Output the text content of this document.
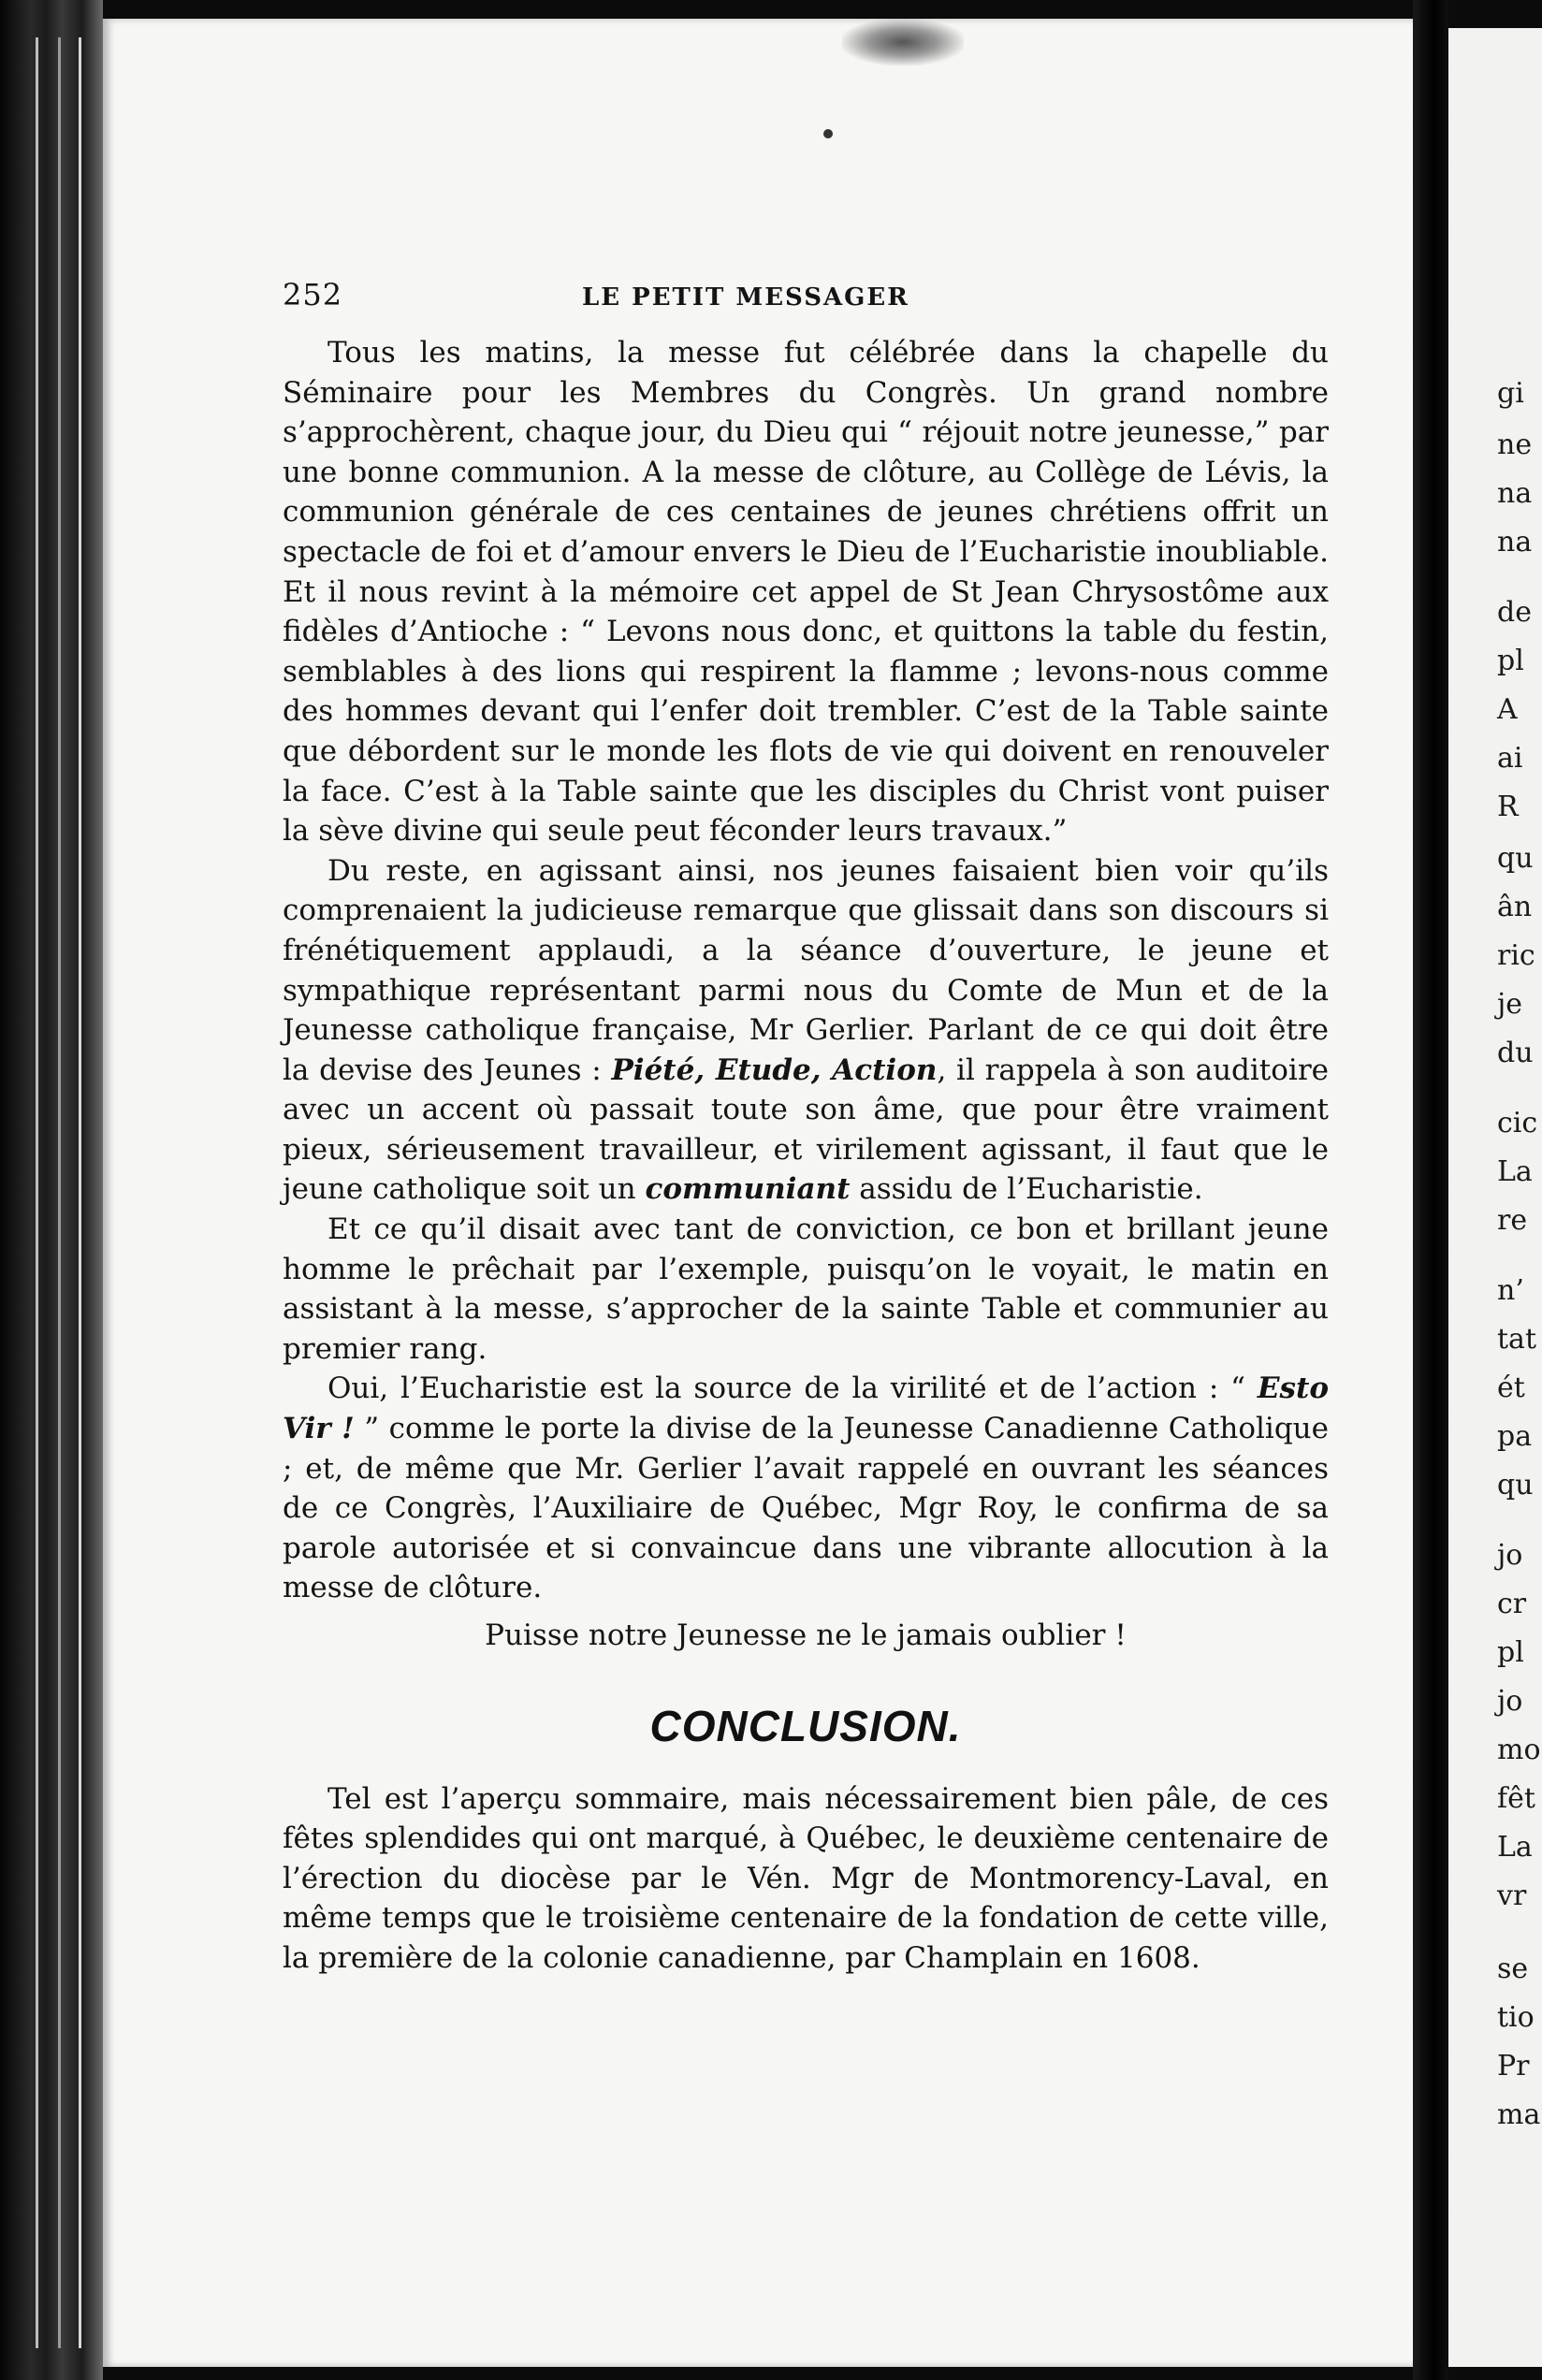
gi
ne
na
na
de
pl
A
ai
R
qu
ân
ric
je
du
cic
La
re
n’
tat
ét
pa
qu
jo
cr
pl
jo
mo
fêt
La
vr
se
tio
Pr
ma
252	LE PETIT MESSAGER

Tous les matins, la messe fut célébrée dans la chapelle du Séminaire pour les Membres du Congrès. Un grand nombre s’approchèrent, chaque jour, du Dieu qui “ réjouit notre jeunesse,” par une bonne communion. A la messe de clôture, au Collège de Lévis, la communion générale de ces centaines de jeunes chrétiens offrit un spectacle de foi et d’amour envers le Dieu de l’Eucharistie inoubliable. Et il nous revint à la mémoire cet appel de St Jean Chrysostôme aux fidèles d’Antioche : “ Levons nous donc, et quittons la table du festin, semblables à des lions qui respirent la flamme ; levons-nous comme des hommes devant qui l’enfer doit trembler. C’est de la Table sainte que débordent sur le monde les flots de vie qui doivent en renouveler la face. C’est à la Table sainte que les disciples du Christ vont puiser la sève divine qui seule peut féconder leurs travaux.”

Du reste, en agissant ainsi, nos jeunes faisaient bien voir qu’ils comprenaient la judicieuse remarque que glissait dans son discours si frénétiquement applaudi, a la séance d’ouverture, le jeune et sympathique représentant parmi nous du Comte de Mun et de la Jeunesse catholique française, Mr Gerlier. Parlant de ce qui doit être la devise des Jeunes : Piété, Etude, Action, il rappela à son auditoire avec un accent où passait toute son âme, que pour être vraiment pieux, sérieusement travailleur, et virilement agissant, il faut que le jeune catholique soit un communiant assidu de l’Eucharistie.

Et ce qu’il disait avec tant de conviction, ce bon et brillant jeune homme le prêchait par l’exemple, puisqu’on le voyait, le matin en assistant à la messe, s’approcher de la sainte Table et communier au premier rang.

Oui, l’Eucharistie est la source de la virilité et de l’action : “ Esto Vir ! ” comme le porte la divise de la Jeunesse Canadienne Catholique ; et, de même que Mr. Gerlier l’avait rappelé en ouvrant les séances de ce Congrès, l’Auxiliaire de Québec, Mgr Roy, le confirma de sa parole autorisée et si convaincue dans une vibrante allocution à la messe de clôture.

Puisse notre Jeunesse ne le jamais oublier !

CONCLUSION.

Tel est l’aperçu sommaire, mais nécessairement bien pâle, de ces fêtes splendides qui ont marqué, à Québec, le deuxième centenaire de l’érection du diocèse par le Vén. Mgr de Montmorency-Laval, en même temps que le troisième centenaire de la fondation de cette ville, la première de la colonie canadienne, par Champlain en 1608.
